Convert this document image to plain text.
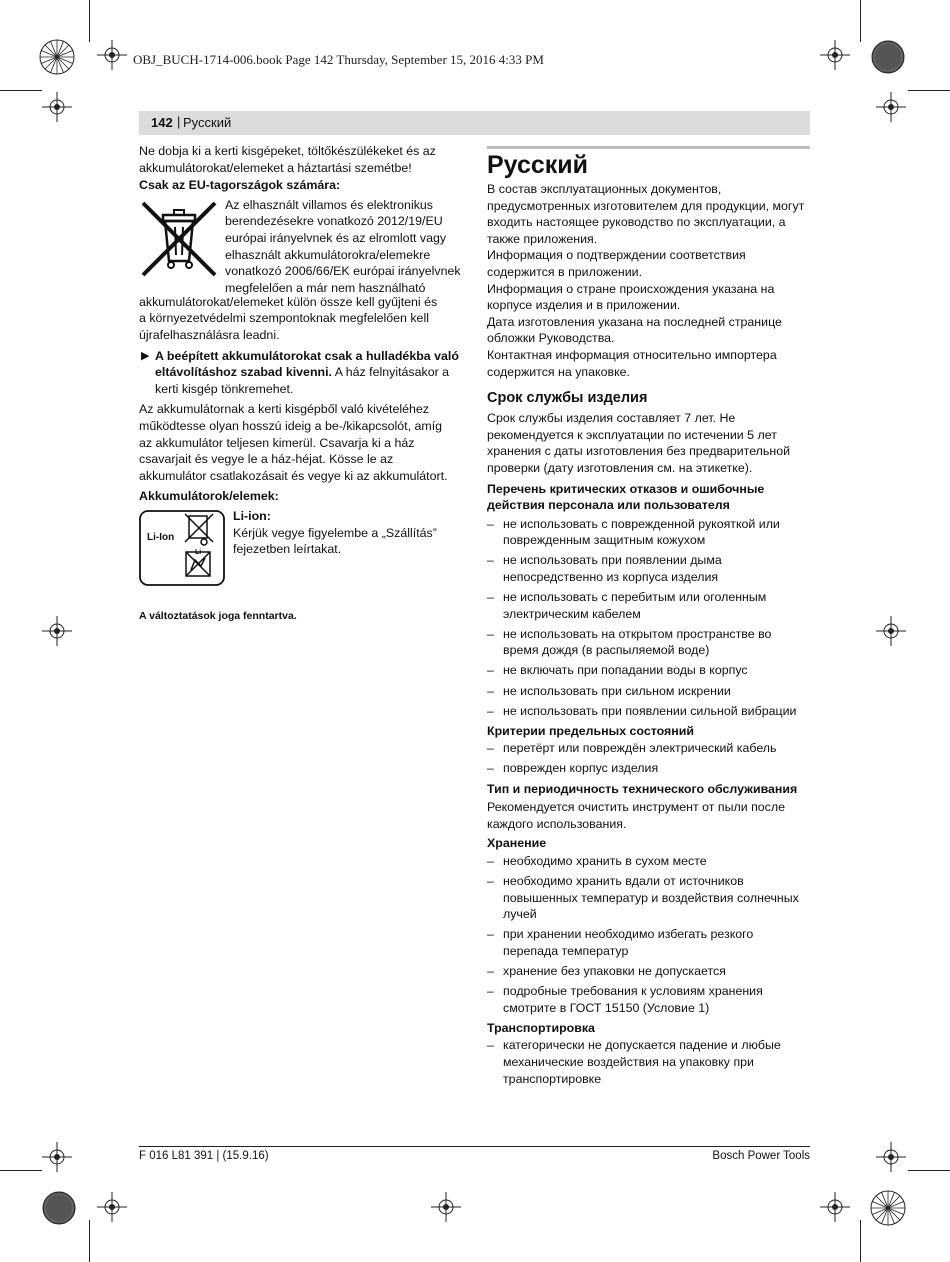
OBJ_BUCH-1714-006.book Page 142 Thursday, September 15, 2016 4:33 PM
142 | Русский

Ne dobja ki a kerti kisgépeket, töltőkészülékeket és az akkumulátorokat/elemeket a háztartási szemétbe!

Csak az EU-tagországok számára:

Az elhasznált villamos és elektronikus
berendezésekre vonatkozó 2012/19/EU
európai irányelvnek és az elromlott vagy
elhasznált akkumulátorokra/elemekre
vonatkozó 2006/66/EK európai irányelvnek
megfelelően a már nem használható

akkumulátorokat/elemeket külön össze kell gyűjteni és a környezetvédelmi szempontoknak megfelelően kell újrafelhasználásra leadni.

▶ A beépített akkumulátorokat csak a hulladékba való eltávolításhoz szabad kivenni. A ház felnyitásakor a kerti kisgép tönkremehet.

Az akkumulátornak a kerti kisgépből való kivételéhez működtesse olyan hosszú ideig a be-/kikapcsolót, amíg az akkumulátor teljesen kimerül. Csavarja ki a ház csavarjait és vegye le a ház-héjat. Kösse le az akkumulátor csatlakozásait és vegye ki az akkumulátort.

Akkumulátorok/elemek:

Li-Ion
Li
Li-ion:
Kérjük vegye figyelembe a „Szállítás” fejezetben leírtakat.

A változtatások joga fenntartva.

Русский

В состав эксплуатационных документов, предусмотренных изготовителем для продукции, могут входить настоящее руководство по эксплуатации, а также приложения.

Информация о подтверждении соответствия содержится в приложении.

Информация о стране происхождения указана на корпусе изделия и в приложении.

Дата изготовления указана на последней странице обложки Руководства.

Контактная информация относительно импортера содержится на упаковке.

Срок службы изделия

Срок службы изделия составляет 7 лет. Не рекомендуется к эксплуатации по истечении 5 лет хранения с даты изготовления без предварительной проверки (дату изготовления см. на этикетке).

Перечень критических отказов и ошибочные действия персонала или пользователя

– не использовать с поврежденной рукояткой или поврежденным защитным кожухом
– не использовать при появлении дыма непосредственно из корпуса изделия
– не использовать с перебитым или оголенным электрическим кабелем
– не использовать на открытом пространстве во время дождя (в распыляемой воде)
– не включать при попадании воды в корпус
– не использовать при сильном искрении
– не использовать при появлении сильной вибрации

Критерии предельных состояний

– перетёрт или повреждён электрический кабель
– поврежден корпус изделия

Тип и периодичность технического обслуживания

Рекомендуется очистить инструмент от пыли после каждого использования.

Хранение

– необходимо хранить в сухом месте
– необходимо хранить вдали от источников повышенных температур и воздействия солнечных лучей
– при хранении необходимо избегать резкого перепада температур
– хранение без упаковки не допускается
– подробные требования к условиям хранения смотрите в ГОСТ 15150 (Условие 1)

Транспортировка

– категорически не допускается падение и любые механические воздействия на упаковку при транспортировке
F 016 L81 391 | (15.9.16)	Bosch Power Tools
